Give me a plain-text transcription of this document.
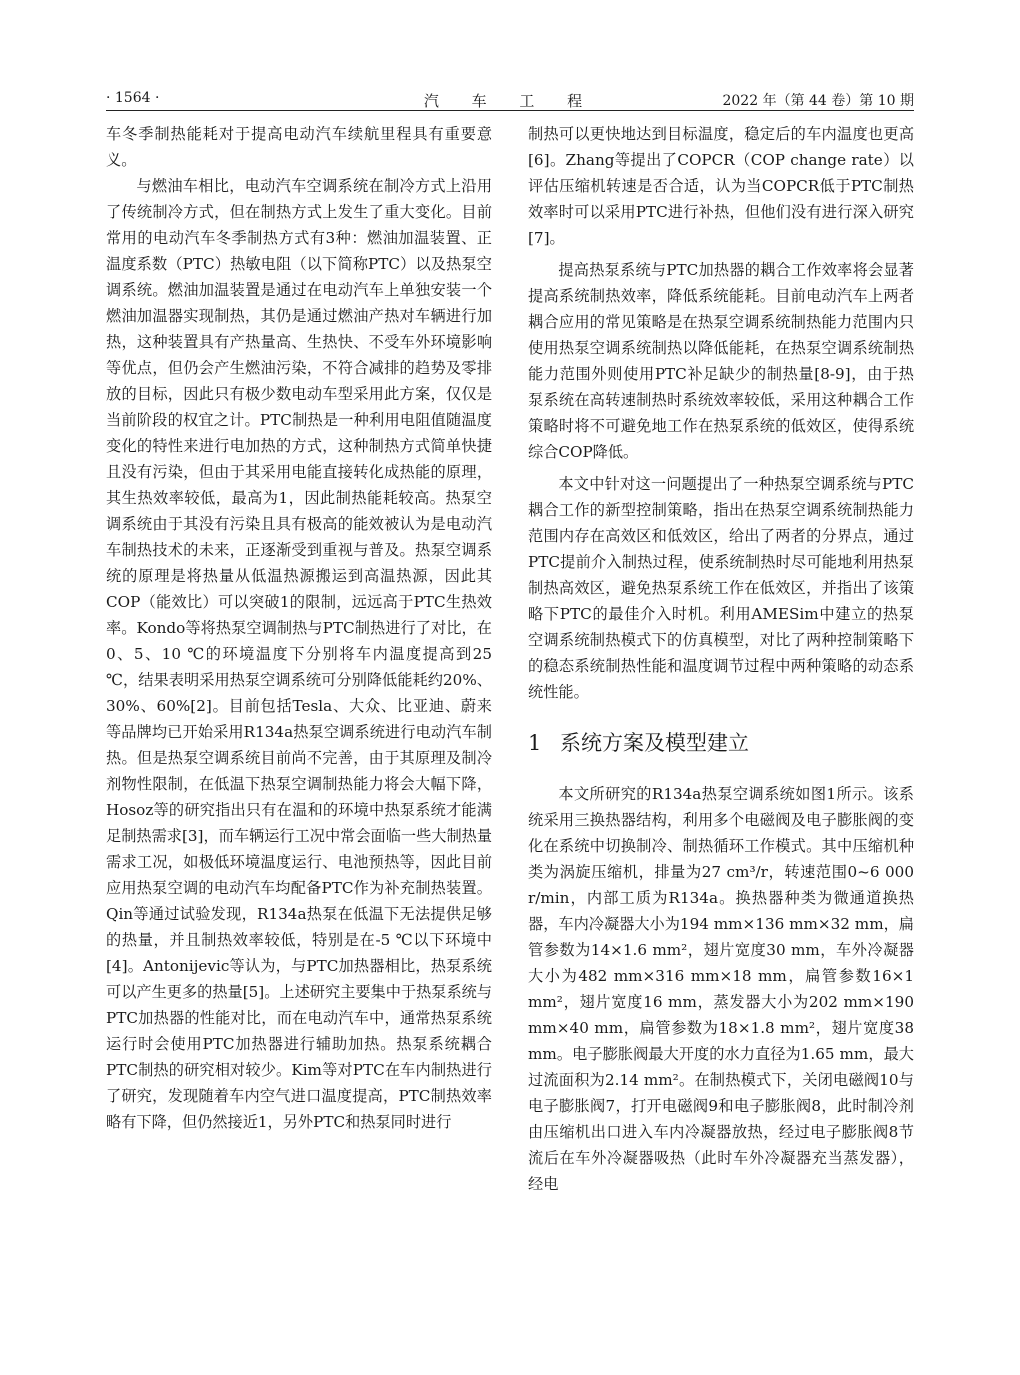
· 1564 ·	汽 车 工 程	2022 年（第 44 卷）第 10 期

车冬季制热能耗对于提高电动汽车续航里程具有重要意义。

与燃油车相比，电动汽车空调系统在制冷方式上沿用了传统制冷方式，但在制热方式上发生了重大变化。目前常用的电动汽车冬季制热方式有3种：燃油加温装置、正温度系数（PTC）热敏电阻（以下简称PTC）以及热泵空调系统。燃油加温装置是通过在电动汽车上单独安装一个燃油加温器实现制热，其仍是通过燃油产热对车辆进行加热，这种装置具有产热量高、生热快、不受车外环境影响等优点，但仍会产生燃油污染，不符合减排的趋势及零排放的目标，因此只有极少数电动车型采用此方案，仅仅是当前阶段的权宜之计。PTC制热是一种利用电阻值随温度变化的特性来进行电加热的方式，这种制热方式简单快捷且没有污染，但由于其采用电能直接转化成热能的原理，其生热效率较低，最高为1，因此制热能耗较高。热泵空调系统由于其没有污染且具有极高的能效被认为是电动汽车制热技术的未来，正逐渐受到重视与普及。热泵空调系统的原理是将热量从低温热源搬运到高温热源，因此其COP（能效比）可以突破1的限制，远远高于PTC生热效率。Kondo等将热泵空调制热与PTC制热进行了对比，在0、5、10 ℃的环境温度下分别将车内温度提高到25 ℃，结果表明采用热泵空调系统可分别降低能耗约20%、30%、60%[2]。目前包括Tesla、大众、比亚迪、蔚来等品牌均已开始采用R134a热泵空调系统进行电动汽车制热。但是热泵空调系统目前尚不完善，由于其原理及制冷剂物性限制，在低温下热泵空调制热能力将会大幅下降，Hosoz等的研究指出只有在温和的环境中热泵系统才能满足制热需求[3]，而车辆运行工况中常会面临一些大制热量需求工况，如极低环境温度运行、电池预热等，因此目前应用热泵空调的电动汽车均配备PTC作为补充制热装置。Qin等通过试验发现，R134a热泵在低温下无法提供足够的热量，并且制热效率较低，特别是在-5 ℃以下环境中[4]。Antonijevic等认为，与PTC加热器相比，热泵系统可以产生更多的热量[5]。上述研究主要集中于热泵系统与PTC加热器的性能对比，而在电动汽车中，通常热泵系统运行时会使用PTC加热器进行辅助加热。热泵系统耦合PTC制热的研究相对较少。Kim等对PTC在车内制热进行了研究，发现随着车内空气进口温度提高，PTC制热效率略有下降，但仍然接近1，另外PTC和热泵同时进行

制热可以更快地达到目标温度，稳定后的车内温度也更高[6]。Zhang等提出了COPCR（COP change rate）以评估压缩机转速是否合适，认为当COPCR低于PTC制热效率时可以采用PTC进行补热，但他们没有进行深入研究[7]。

提高热泵系统与PTC加热器的耦合工作效率将会显著提高系统制热效率，降低系统能耗。目前电动汽车上两者耦合应用的常见策略是在热泵空调系统制热能力范围内只使用热泵空调系统制热以降低能耗，在热泵空调系统制热能力范围外则使用PTC补足缺少的制热量[8-9]，由于热泵系统在高转速制热时系统效率较低，采用这种耦合工作策略时将不可避免地工作在热泵系统的低效区，使得系统综合COP降低。

本文中针对这一问题提出了一种热泵空调系统与PTC耦合工作的新型控制策略，指出在热泵空调系统制热能力范围内存在高效区和低效区，给出了两者的分界点，通过PTC提前介入制热过程，使系统制热时尽可能地利用热泵制热高效区，避免热泵系统工作在低效区，并指出了该策略下PTC的最佳介入时机。利用AMESim中建立的热泵空调系统制热模式下的仿真模型，对比了两种控制策略下的稳态系统制热性能和温度调节过程中两种策略的动态系统性能。

1 系统方案及模型建立

本文所研究的R134a热泵空调系统如图1所示。该系统采用三换热器结构，利用多个电磁阀及电子膨胀阀的变化在系统中切换制冷、制热循环工作模式。其中压缩机种类为涡旋压缩机，排量为27 cm³/r，转速范围0~6 000 r/min，内部工质为R134a。换热器种类为微通道换热器，车内冷凝器大小为194 mm×136 mm×32 mm，扁管参数为14×1.6 mm²，翅片宽度30 mm，车外冷凝器大小为482 mm×316 mm×18 mm，扁管参数16×1 mm²，翅片宽度16 mm，蒸发器大小为202 mm×190 mm×40 mm，扁管参数为18×1.8 mm²，翅片宽度38 mm。电子膨胀阀最大开度的水力直径为1.65 mm，最大过流面积为2.14 mm²。在制热模式下，关闭电磁阀10与电子膨胀阀7，打开电磁阀9和电子膨胀阀8，此时制冷剂由压缩机出口进入车内冷凝器放热，经过电子膨胀阀8节流后在车外冷凝器吸热（此时车外冷凝器充当蒸发器），经电
